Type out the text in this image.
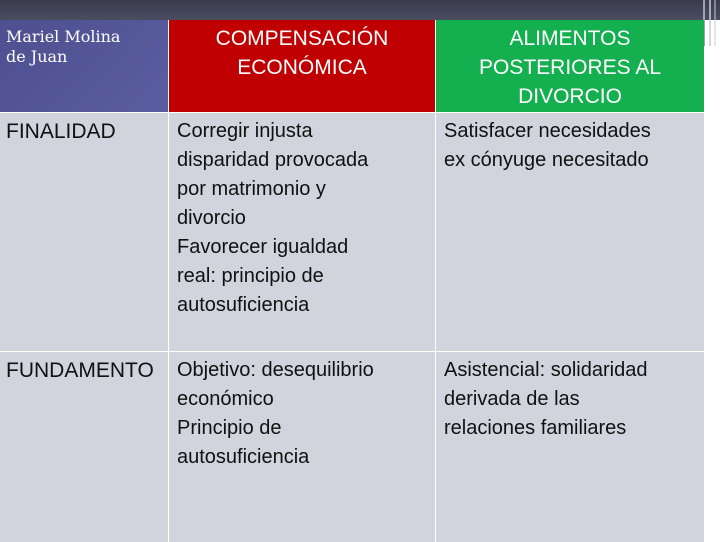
Mariel Molina
de Juan
COMPENSACIÓN
ECONÓMICA
ALIMENTOS
POSTERIORES AL
DIVORCIO
FINALIDAD	Corregir injusta
disparidad provocada
por matrimonio y
divorcio
Favorecer igualdad
real: principio de
autosuficiencia
Satisfacer necesidades
ex cónyuge necesitado
FUNDAMENTO	Objetivo: desequilibrio
económico
Principio de
autosuficiencia
Asistencial: solidaridad
derivada de las
relaciones familiares
